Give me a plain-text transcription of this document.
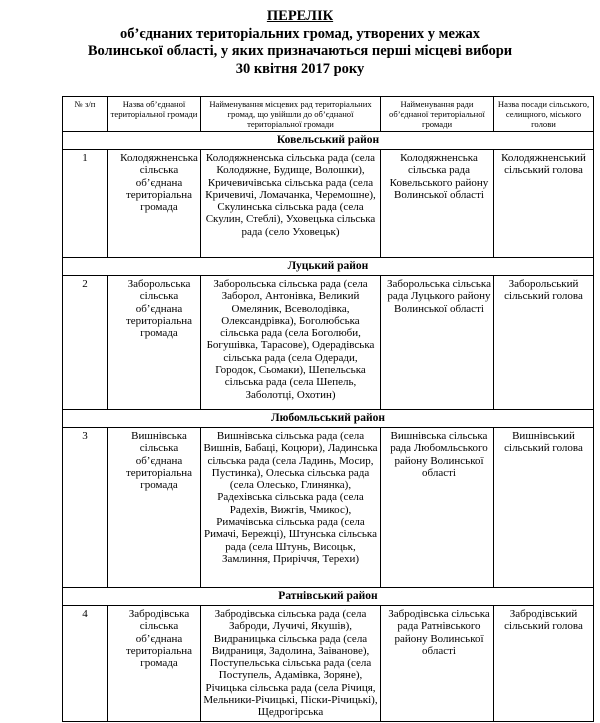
ПЕРЕЛІК
об’єднаних територіальних громад, утворених у межах
Волинської області, у яких призначаються перші місцеві вибори
30 квітня 2017 року
№ з/п	Назва об’єднаної територіальної громади	Найменування місцевих рад територіальних громад, що увійшли до об’єднаної територіальної громади	Найменування ради об’єднаної територіальної громади	Назва посади сільського, селищного, міського голови
Ковельський район				
1	Колодяжненська сільська об’єднана територіальна громада	Колодяжненська сільська рада (села Колодяжне, Будище, Волошки), Кричевичівська сільська рада (села Кричевичі, Ломачанка, Черемошне), Скулинська сільська рада (села Скулин, Стеблі), Уховецька сільська рада (село Уховецьк)	Колодяжненська сільська рада Ковельського району Волинської області	Колодяжненський сільський голова
Луцький район				
2	Заборольська сільська об’єднана територіальна громада	Заборольська сільська рада (села Заборол, Антонівка, Великий Омеляник, Всеволодівка, Олександрівка), Боголюбська сільська рада (села Боголюби, Богушівка, Тарасове), Одерадівська сільська рада (села Одеради, Городок, Сьомаки), Шепельська сільська рада (села Шепель, Заболотці, Охотин)	Заборольська сільська рада Луцького району Волинської області	Заборольський сільський голова
Любомльський район				
3	Вишнівська сільська об’єднана територіальна громада	Вишнівська сільська рада (села Вишнів, Бабаці, Коцюри), Ладинська сільська рада (села Ладинь, Мосир, Пустинка), Олеська сільська рада (села Олесько, Глинянка), Радехівська сільська рада (села Радехів, Вижгів, Чмикос), Римачівська сільська рада (села Римачі, Бережці), Штунська сільська рада (села Штунь, Висоцьк, Замлиння, Приріччя, Терехи)	Вишнівська сільська рада Любомльського району Волинської області	Вишнівський сільський голова
Ратнівський район				
4	Забродівська сільська об’єднана територіальна громада	Забродівська сільська рада (села Заброди, Лучичі, Якушів), Видраницька сільська рада (села Видраниця, Задолина, Заіванове), Поступельська сільська рада (села Поступель, Адамівка, Зоряне), Річицька сільська рада (села Річиця, Мельники-Річицькі, Піски-Річицькі), Щедрогірська	Забродівська сільська рада Ратнівського району Волинської області	Забродівський сільський голова
